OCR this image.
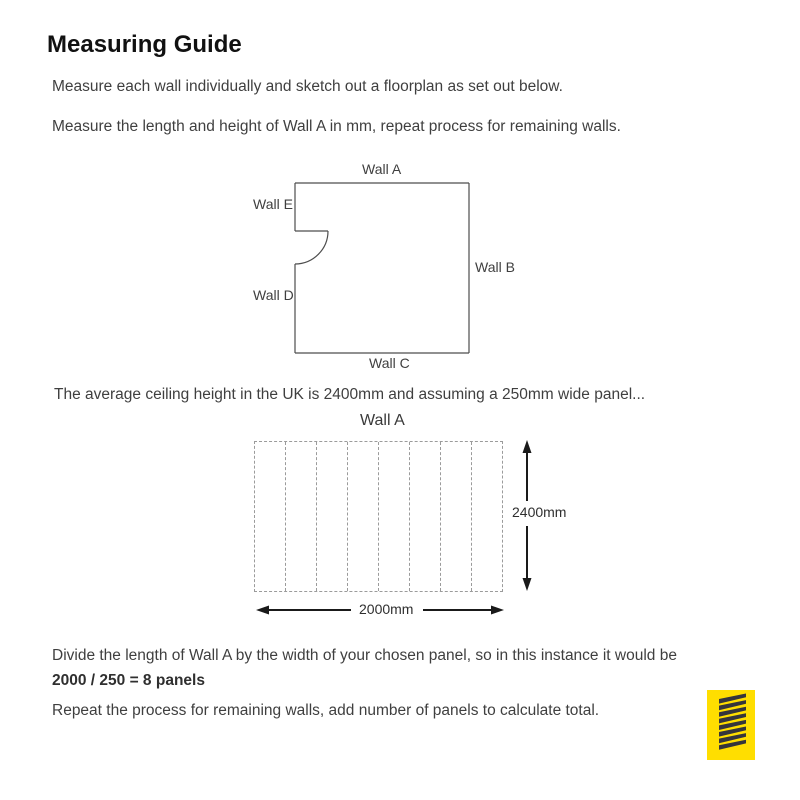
Measuring Guide
Measure each wall individually and sketch out a floorplan as set out below.
Measure the length and height of Wall A in mm, repeat process for remaining walls.
Wall A
Wall E
Wall B
Wall D
Wall C
The average ceiling height in the UK is 2400mm and assuming a 250mm wide panel...
Wall A
2400mm
2000mm
Divide the length of Wall A by the width of your chosen panel, so in this instance it would be
2000 / 250 = 8 panels
Repeat the process for remaining walls, add number of panels to calculate total.
